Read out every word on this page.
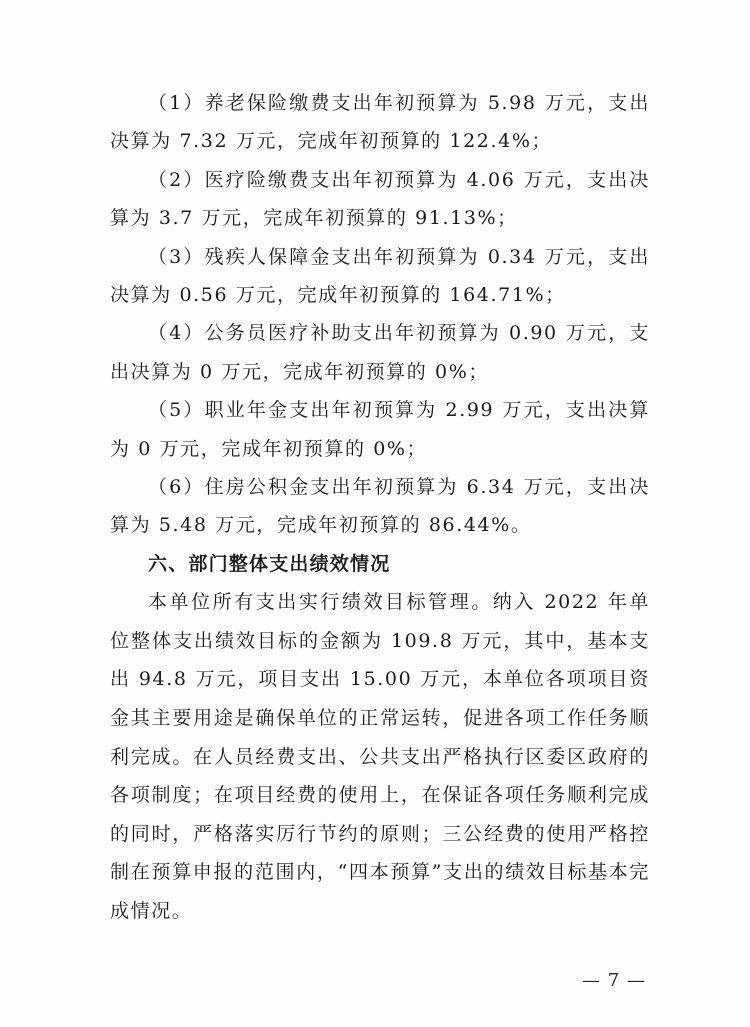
（1）养老保险缴费支出年初预算为 5.98 万元，支出决算为 7.32 万元，完成年初预算的 122.4%；

（2）医疗险缴费支出年初预算为 4.06 万元，支出决算为 3.7 万元，完成年初预算的 91.13%；

（3）残疾人保障金支出年初预算为 0.34 万元，支出决算为 0.56 万元，完成年初预算的 164.71%；

（4）公务员医疗补助支出年初预算为 0.90 万元，支出决算为 0 万元，完成年初预算的 0%；

（5）职业年金支出年初预算为 2.99 万元，支出决算为 0 万元，完成年初预算的 0%；

（6）住房公积金支出年初预算为 6.34 万元，支出决算为 5.48 万元，完成年初预算的 86.44%。

六、部门整体支出绩效情况

本单位所有支出实行绩效目标管理。纳入 2022 年单位整体支出绩效目标的金额为 109.8 万元，其中，基本支出 94.8 万元，项目支出 15.00 万元，本单位各项项目资金其主要用途是确保单位的正常运转，促进各项工作任务顺利完成。在人员经费支出、公共支出严格执行区委区政府的各项制度；在项目经费的使用上，在保证各项任务顺利完成的同时，严格落实厉行节约的原则；三公经费的使用严格控制在预算申报的范围内，“四本预算”支出的绩效目标基本完成情况。

— 7 —
